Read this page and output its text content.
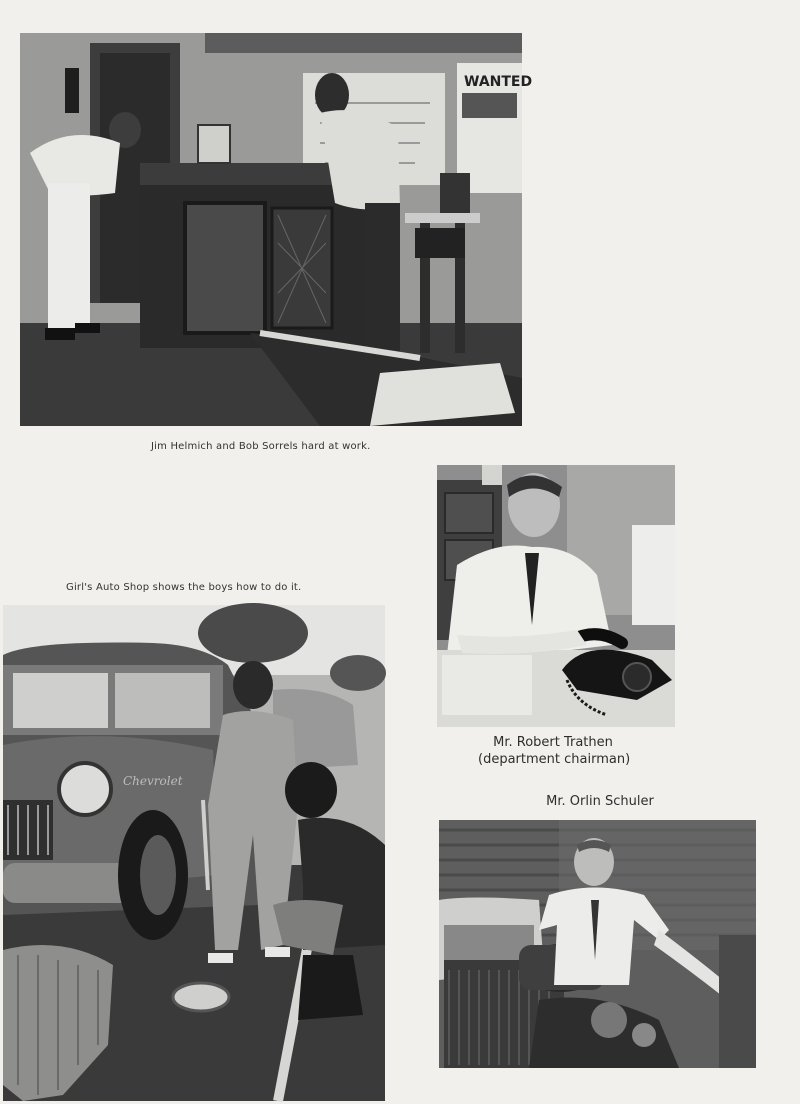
WANTED
Jim Helmich and Bob Sorrels hard at work.
Mr. Robert Trathen
(department chairman)
Mr. Orlin Schuler
Girl's Auto Shop shows the boys how to do it.
Chevrolet
